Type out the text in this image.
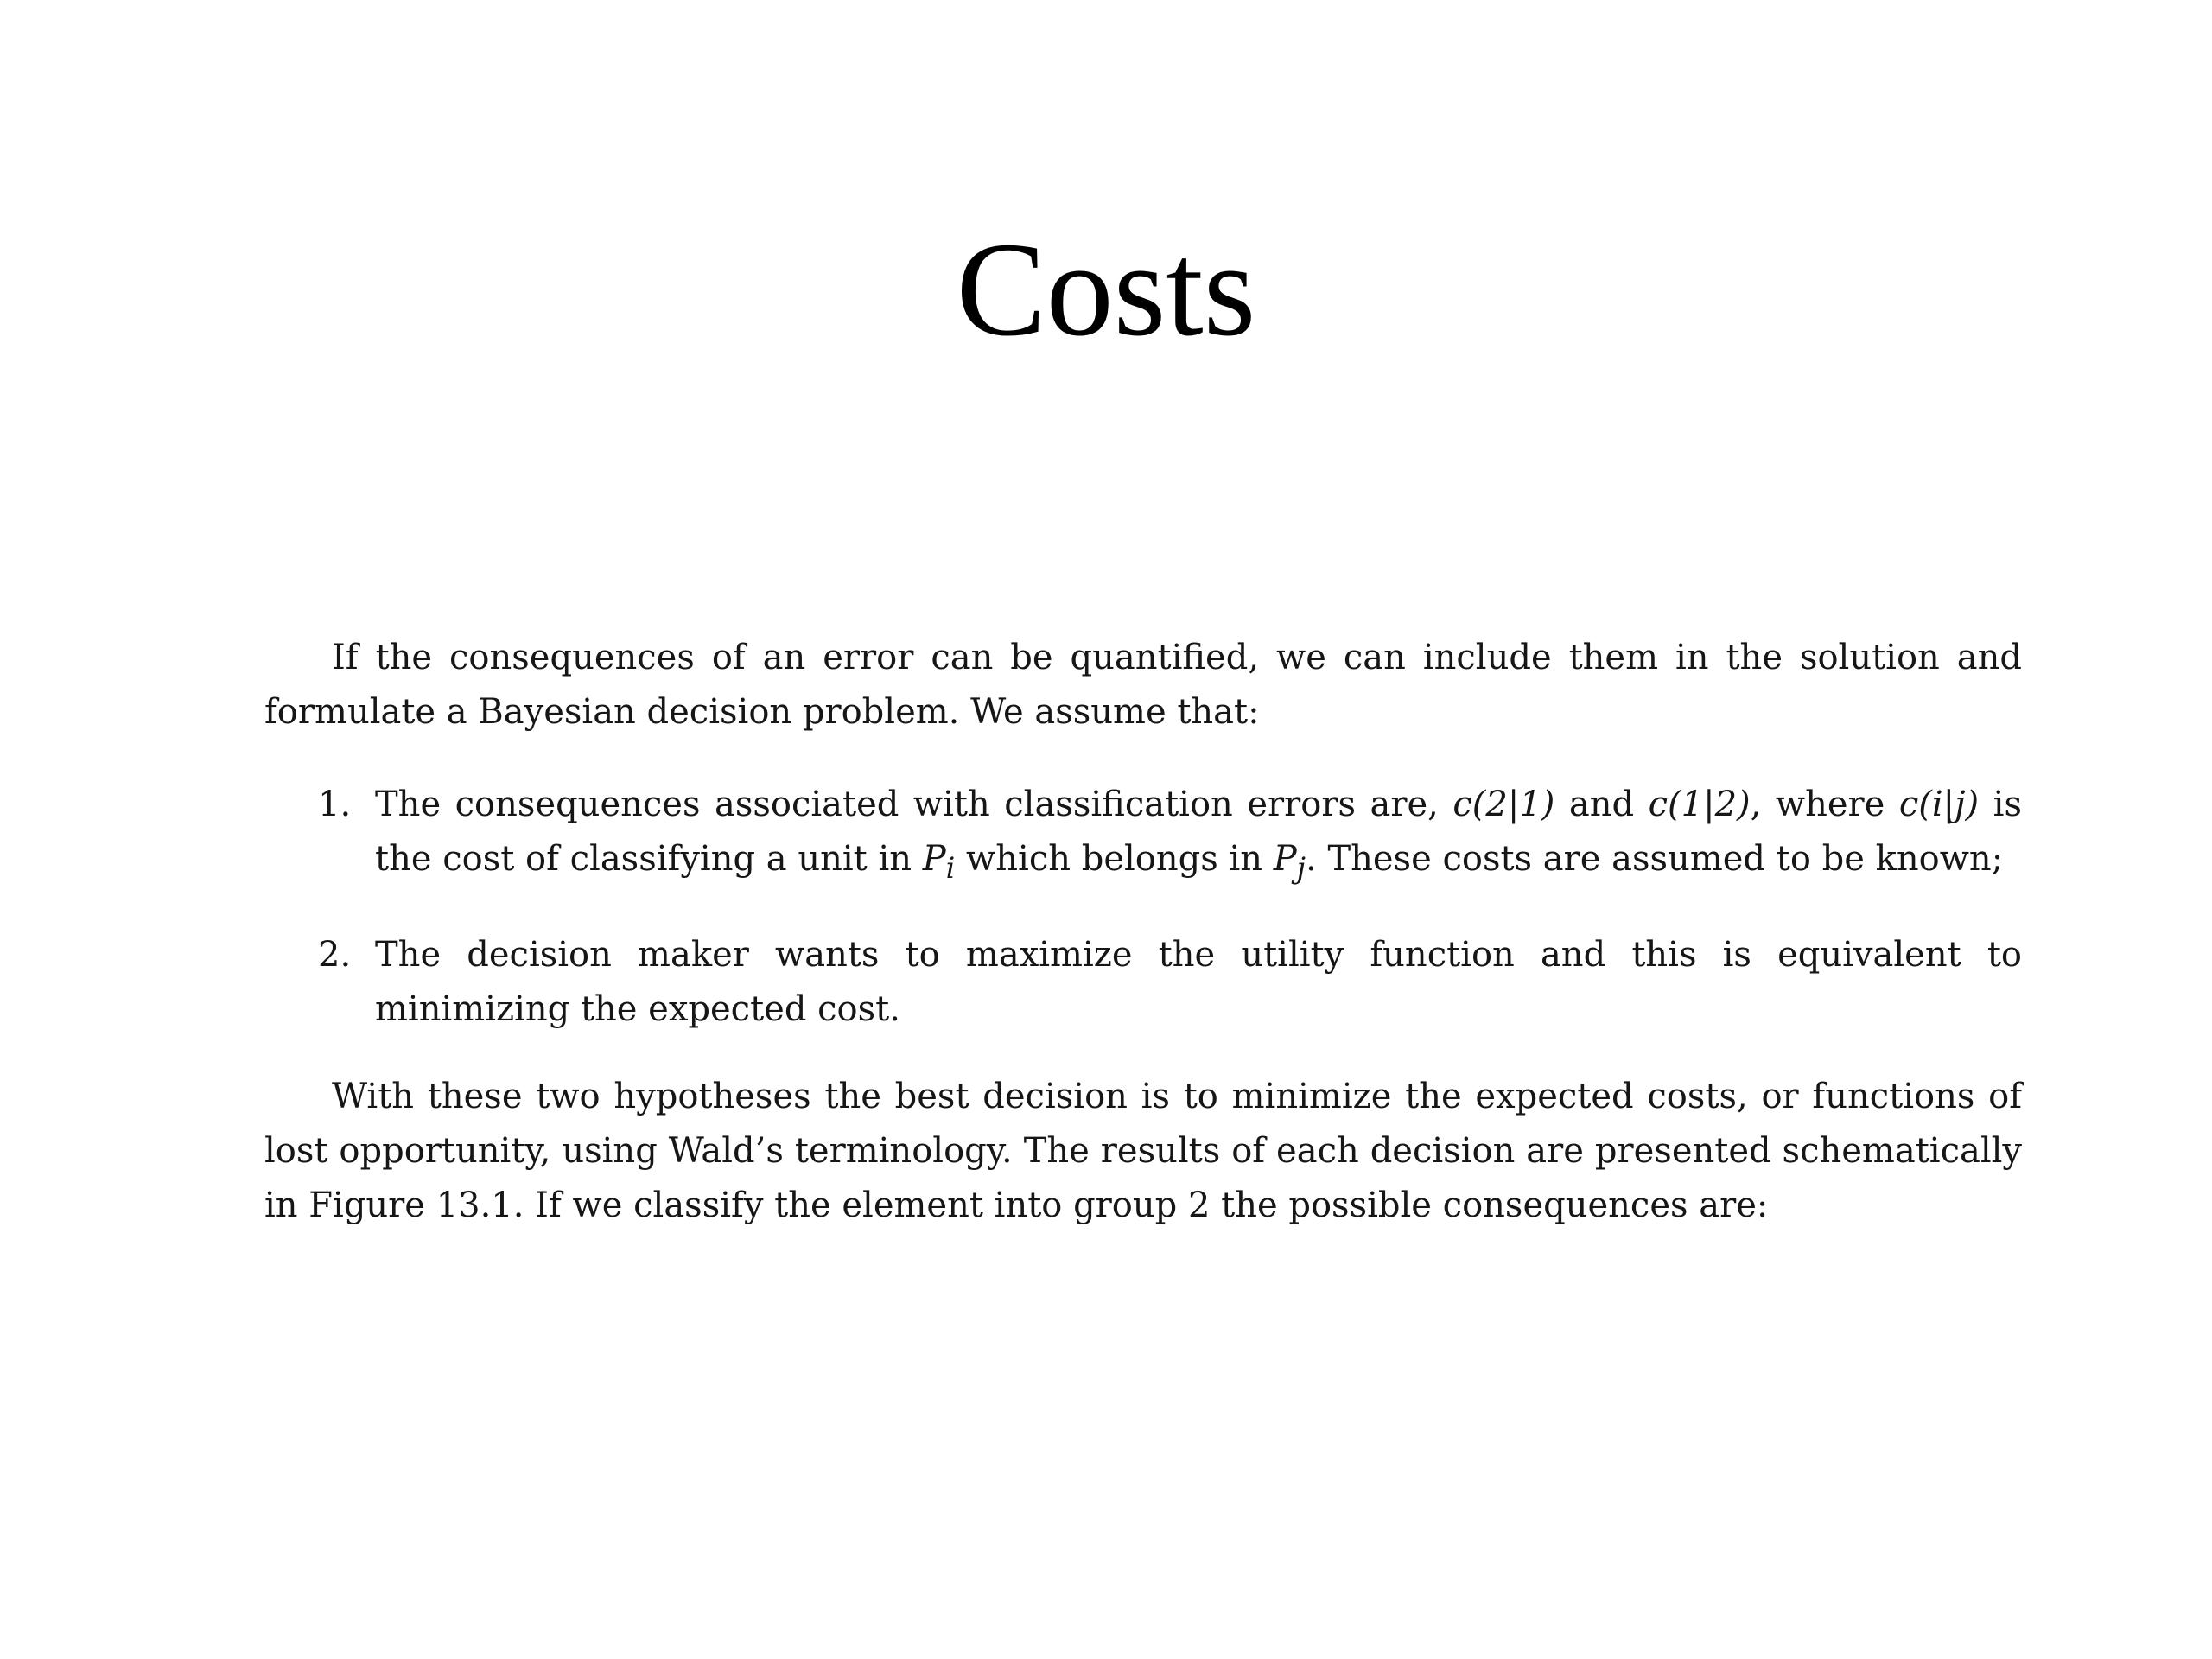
Costs

If the consequences of an error can be quantified, we can include them in the solution and formulate a Bayesian decision problem. We assume that:

1. The consequences associated with classification errors are, c(2|1) and c(1|2), where c(i|j) is the cost of classifying a unit in $P_i$ which belongs in $P_j$. These costs are assumed to be known;
2. The decision maker wants to maximize the utility function and this is equivalent to minimizing the expected cost.

With these two hypotheses the best decision is to minimize the expected costs, or functions of lost opportunity, using Wald’s terminology. The results of each decision are presented schematically in Figure 13.1. If we classify the element into group 2 the possible consequences are:
